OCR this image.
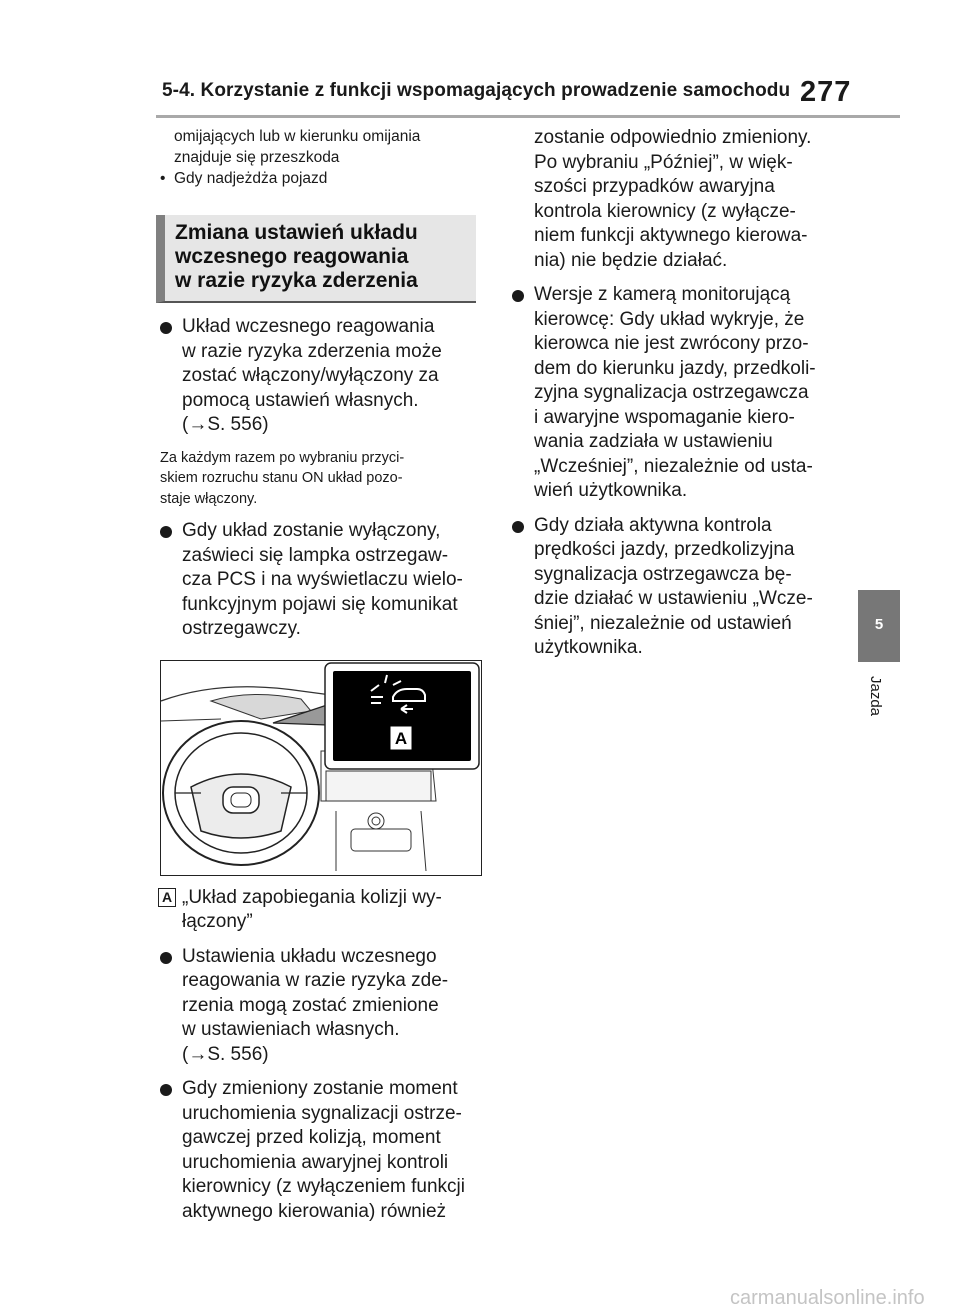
5-4. Korzystanie z funkcji wspomagających prowadzenie samochodu 277
omijających lub w kierunku omijania
znajduje się przeszkoda
• Gdy nadjeżdża pojazd
Zmiana ustawień układu
wczesnego reagowania
w razie ryzyka zderzenia
Układ wczesnego reagowania
w razie ryzyka zderzenia może
zostać włączony/wyłączony za
pomocą ustawień własnych.
(→S. 556)
Za każdym razem po wybraniu przyci-
skiem rozruchu stanu ON układ pozo-
staje włączony.
Gdy układ zostanie wyłączony,
zaświeci się lampka ostrzegaw-
cza PCS i na wyświetlaczu wielo-
funkcyjnym pojawi się komunikat
ostrzegawczy.
A
A „Układ zapobiegania kolizji wy-
łączony”
Ustawienia układu wczesnego
reagowania w razie ryzyka zde-
rzenia mogą zostać zmienione
w ustawieniach własnych.
(→S. 556)
Gdy zmieniony zostanie moment
uruchomienia sygnalizacji ostrze-
gawczej przed kolizją, moment
uruchomienia awaryjnej kontroli
kierownicy (z wyłączeniem funkcji
aktywnego kierowania) również
zostanie odpowiednio zmieniony.
Po wybraniu „Później”, w więk-
szości przypadków awaryjna
kontrola kierownicy (z wyłącze-
niem funkcji aktywnego kierowa-
nia) nie będzie działać.
Wersje z kamerą monitorującą
kierowcę: Gdy układ wykryje, że
kierowca nie jest zwrócony przo-
dem do kierunku jazdy, przedkoli-
zyjna sygnalizacja ostrzegawcza
i awaryjne wspomaganie kiero-
wania zadziała w ustawieniu
„Wcześniej”, niezależnie od usta-
wień użytkownika.
Gdy działa aktywna kontrola
prędkości jazdy, przedkolizyjna
sygnalizacja ostrzegawcza bę-
dzie działać w ustawieniu „Wcze-
śniej”, niezależnie od ustawień
użytkownika.
5
Jazda
carmanualsonline.info
